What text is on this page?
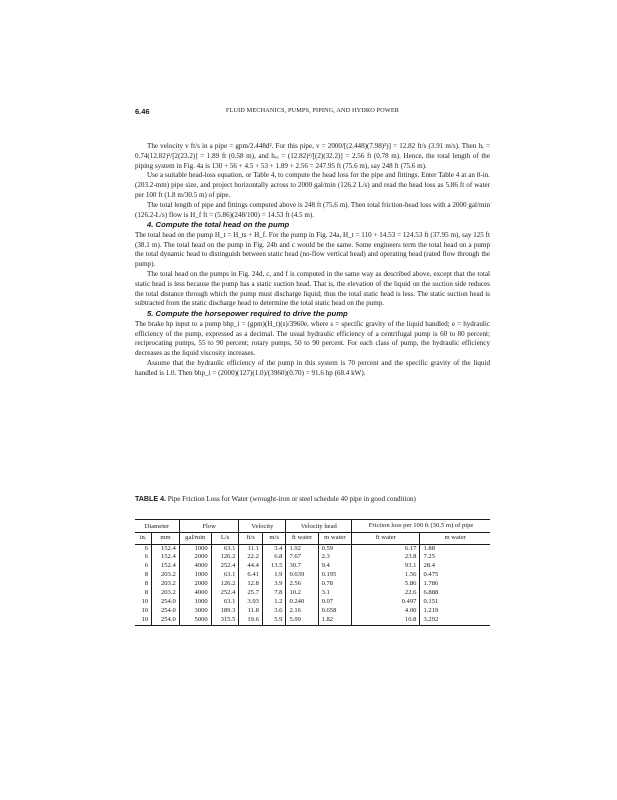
FLUID MECHANICS, PUMPS, PIPING, AND HYDRO POWER
6.46

The velocity v ft/s in a pipe = gpm/2.448d². For this pipe, v = 2000/[(2.448)(7.98)²)] = 12.82 ft/s (3.91 m/s). Then hₑ = 0.74(12.82)²/[2(23.2)] = 1.89 ft (0.58 m), and hₑₓ = (12.82)²/[(2)(32.2)] = 2.56 ft (0.78 m). Hence, the total length of the piping system in Fig. 4a is 130 + 56 + 4.5 + 53 + 1.89 + 2.56 = 247.95 ft (75.6 m), say 248 ft (75.6 m).

Use a suitable head-loss equation, or Table 4, to compute the head loss for the pipe and fittings. Enter Table 4 at an 8-in. (203.2-mm) pipe size, and project horizontally across to 2000 gal/min (126.2 L/s) and read the head loss as 5.86 ft of water per 100 ft (1.8 m/30.5 m) of pipe.

The total length of pipe and fittings computed above is 248 ft (75.6 m). Then total friction-head loss with a 2000 gal/min (126.2-L/s) flow is H_f ft = (5.86)(248/100) = 14.53 ft (4.5 m).

4. Compute the total head on the pump

The total head on the pump H_t = H_ts + H_f. For the pump in Fig. 24a, H_t = 110 + 14.53 = 124.53 ft (37.95 m), say 125 ft (38.1 m). The total head on the pump in Fig. 24b and c would be the same. Some engineers term the total head on a pump the total dynamic head to distinguish between static head (no-flow vertical head) and operating head (rated flow through the pump).

The total head on the pumps in Fig. 24d, c, and f is computed in the same way as described above, except that the total static head is less because the pump has a static suction head. That is, the elevation of the liquid on the suction side reduces the total distance through which the pump must discharge liquid; thus the total static head is less. The static suction head is subtracted from the static discharge head to determine the total static head on the pump.

5. Compute the horsepower required to drive the pump

The brake hp input to a pump bhp_i = (gpm)(H_t)(s)/3960e, where s = specific gravity of the liquid handled; e = hydraulic efficiency of the pump, expressed as a decimal. The usual hydraulic efficiency of a centrifugal pump is 60 to 80 percent; reciprocating pumps, 55 to 90 percent; rotary pumps, 50 to 90 percent. For each class of pump, the hydraulic efficiency decreases as the liquid viscosity increases.

Assume that the hydraulic efficiency of the pump in this system is 70 percent and the specific gravity of the liquid handled is 1.0. Then bhp_i = (2000)(127)(1.0)/(3960)(0.70) = 91.6 hp (68.4 kW).

TABLE 4. Pipe Friction Loss for Water (wrought-iron or steel schedule 40 pipe in good condition)
Diameter		Flow		Velocity		Velocity head		Friction loss per 100 ft (30.5 m) of pipe	
in.	mm	gal/min	L/s	ft/s	m/s	ft water	m water	ft water	m water
6	152.4	1000	63.1	11.1	3.4	1.92	0.59	6.17	1.88
6	152.4	2000	126.2	22.2	6.8	7.67	2.3	23.8	7.25
6	152.4	4000	252.4	44.4	13.5	30.7	9.4	93.1	28.4
8	203.2	1000	63.1	6.41	1.9	0.639	0.195	1.56	0.475
8	203.2	2000	126.2	12.8	3.9	2.56	0.78	5.86	1.786
8	203.2	4000	252.4	25.7	7.8	10.2	3.1	22.6	6.888
10	254.0	1000	63.1	3.93	1.2	0.240	0.07	0.497	0.151
10	254.0	3000	189.3	11.8	3.6	2.16	0.658	4.00	1.219
10	254.0	5000	315.5	19.6	5.9	5.99	1.82	10.8	3.292
